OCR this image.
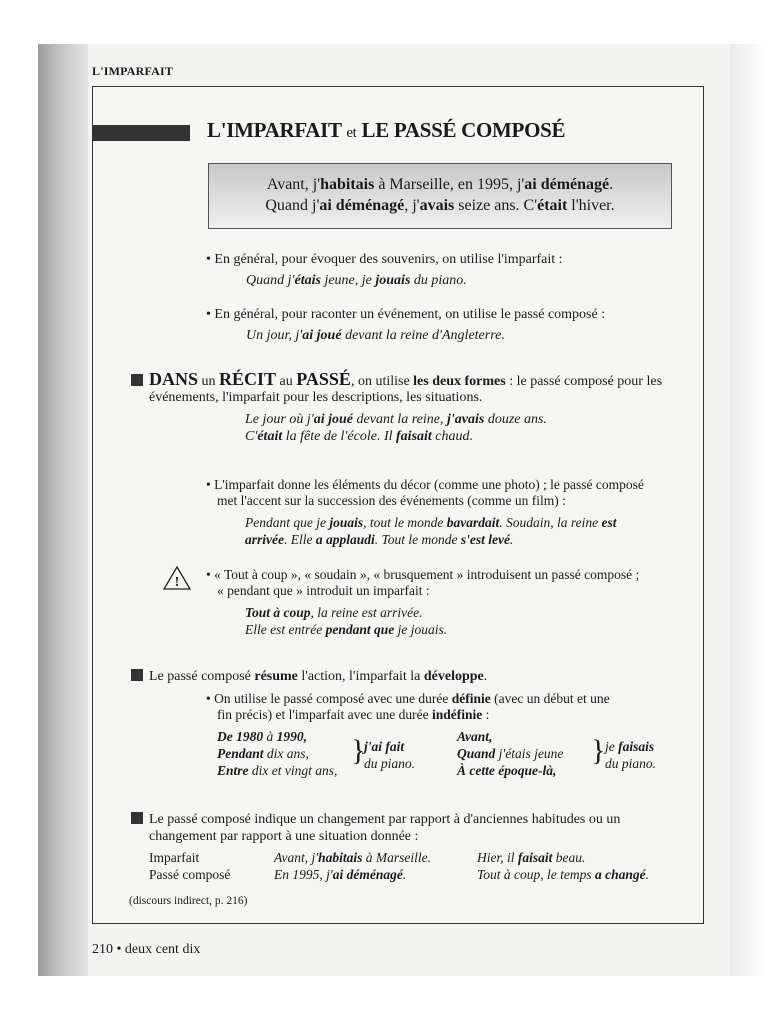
L'IMPARFAIT
L'IMPARFAIT et LE PASSÉ COMPOSÉ
Avant, j'habitais à Marseille, en 1995, j'ai déménagé.
Quand j'ai déménagé, j'avais seize ans. C'était l'hiver.
• En général, pour évoquer des souvenirs, on utilise l'imparfait :
Quand j'étais jeune, je jouais du piano.
• En général, pour raconter un événement, on utilise le passé composé :
Un jour, j'ai joué devant la reine d'Angleterre.
DANS un RÉCIT au PASSÉ, on utilise les deux formes : le passé composé pour les
événements, l'imparfait pour les descriptions, les situations.
Le jour où j'ai joué devant la reine, j'avais douze ans.
C'était la fête de l'école. Il faisait chaud.
• L'imparfait donne les éléments du décor (comme une photo) ; le passé composé
met l'accent sur la succession des événements (comme un film) :
Pendant que je jouais, tout le monde bavardait. Soudain, la reine est
arrivée. Elle a applaudi. Tout le monde s'est levé.
!
• « Tout à coup », « soudain », « brusquement » introduisent un passé composé ;
« pendant que » introduit un imparfait :
Tout à coup, la reine est arrivée.
Elle est entrée pendant que je jouais.
Le passé composé résume l'action, l'imparfait la développe.
• On utilise le passé composé avec une durée définie (avec un début et une
fin précis) et l'imparfait avec une durée indéfinie :
De 1980 à 1990,
Pendant dix ans,
Entre dix et vingt ans,
}
j'ai fait
du piano.
Avant,
Quand j'étais jeune
À cette époque-là,
} je faisais
du piano.
Le passé composé indique un changement par rapport à d'anciennes habitudes ou un
changement par rapport à une situation donnée :
Imparfait	Avant, j'habitais à Marseille.	Hier, il faisait beau.
Passé composé	En 1995, j'ai déménagé.	Tout à coup, le temps a changé.
(discours indirect, p. 216)
210 • deux cent dix
